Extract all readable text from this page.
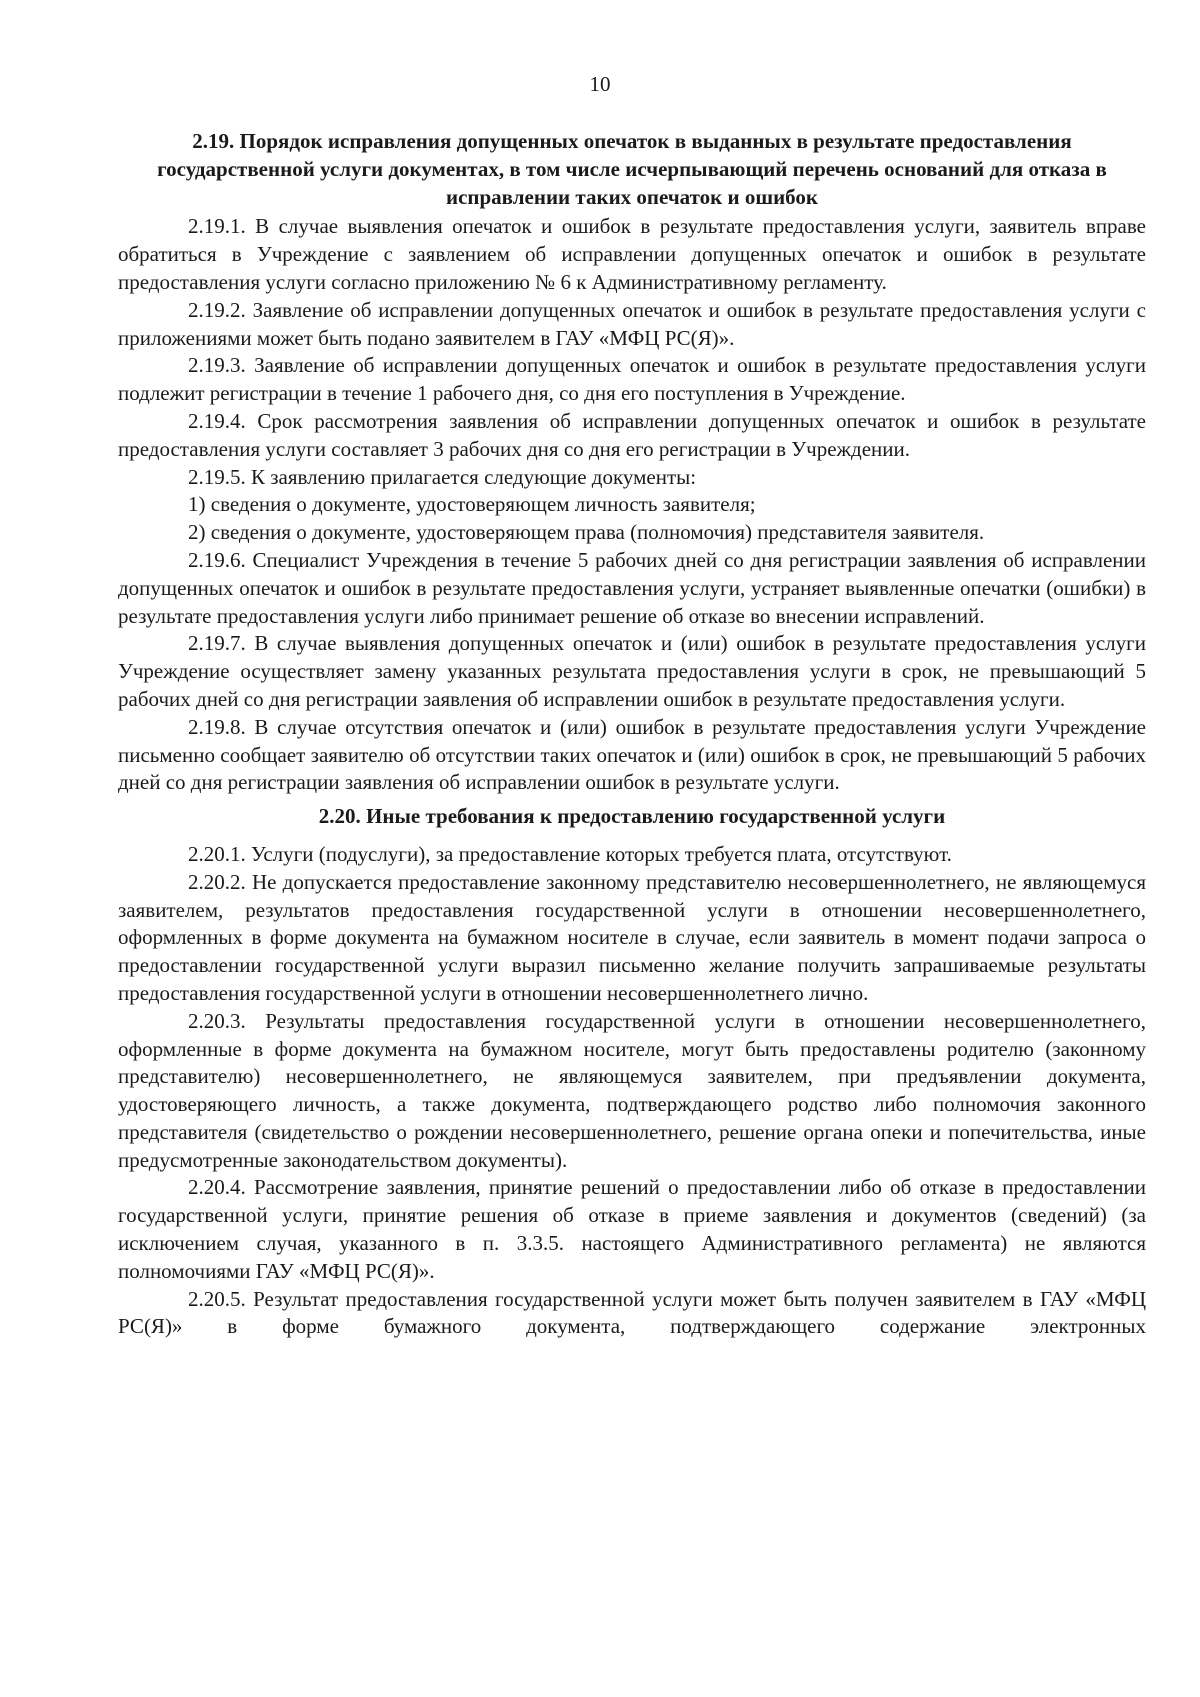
10

2.19. Порядок исправления допущенных опечаток в выданных в результате предоставления государственной услуги документах, в том числе исчерпывающий перечень оснований для отказа в исправлении таких опечаток и ошибок

2.19.1. В случае выявления опечаток и ошибок в результате предоставления услуги, заявитель вправе обратиться в Учреждение с заявлением об исправлении допущенных опечаток и ошибок в результате предоставления услуги согласно приложению № 6 к Административному регламенту.

2.19.2. Заявление об исправлении допущенных опечаток и ошибок в результате предоставления услуги с приложениями может быть подано заявителем в ГАУ «МФЦ РС(Я)».

2.19.3. Заявление об исправлении допущенных опечаток и ошибок в результате предоставления услуги подлежит регистрации в течение 1 рабочего дня, со дня его поступления в Учреждение.

2.19.4. Срок рассмотрения заявления об исправлении допущенных опечаток и ошибок в результате предоставления услуги составляет 3 рабочих дня со дня его регистрации в Учреждении.

2.19.5. К заявлению прилагается следующие документы:

1) сведения о документе, удостоверяющем личность заявителя;

2) сведения о документе, удостоверяющем права (полномочия) представителя заявителя.

2.19.6. Специалист Учреждения в течение 5 рабочих дней со дня регистрации заявления об исправлении допущенных опечаток и ошибок в результате предоставления услуги, устраняет выявленные опечатки (ошибки) в результате предоставления услуги либо принимает решение об отказе во внесении исправлений.

2.19.7. В случае выявления допущенных опечаток и (или) ошибок в результате предоставления услуги Учреждение осуществляет замену указанных результата предоставления услуги в срок, не превышающий 5 рабочих дней со дня регистрации заявления об исправлении ошибок в результате предоставления услуги.

2.19.8. В случае отсутствия опечаток и (или) ошибок в результате предоставления услуги Учреждение письменно сообщает заявителю об отсутствии таких опечаток и (или) ошибок в срок, не превышающий 5 рабочих дней со дня регистрации заявления об исправлении ошибок в результате услуги.

2.20. Иные требования к предоставлению государственной услуги

2.20.1. Услуги (подуслуги), за предоставление которых требуется плата, отсутствуют.

2.20.2. Не допускается предоставление законному представителю несовершеннолетнего, не являющемуся заявителем, результатов предоставления государственной услуги в отношении несовершеннолетнего, оформленных в форме документа на бумажном носителе в случае, если заявитель в момент подачи запроса о предоставлении государственной услуги выразил письменно желание получить запрашиваемые результаты предоставления государственной услуги в отношении несовершеннолетнего лично.

2.20.3. Результаты предоставления государственной услуги в отношении несовершеннолетнего, оформленные в форме документа на бумажном носителе, могут быть предоставлены родителю (законному представителю) несовершеннолетнего, не являющемуся заявителем, при предъявлении документа, удостоверяющего личность, а также документа, подтверждающего родство либо полномочия законного представителя (свидетельство о рождении несовершеннолетнего, решение органа опеки и попечительства, иные предусмотренные законодательством документы).

2.20.4. Рассмотрение заявления, принятие решений о предоставлении либо об отказе в предоставлении государственной услуги, принятие решения об отказе в приеме заявления и документов (сведений) (за исключением случая, указанного в п. 3.3.5. настоящего Административного регламента) не являются полномочиями ГАУ «МФЦ РС(Я)».

2.20.5. Результат предоставления государственной услуги может быть получен заявителем в ГАУ «МФЦ РС(Я)» в форме бумажного документа, подтверждающего содержание электронных
